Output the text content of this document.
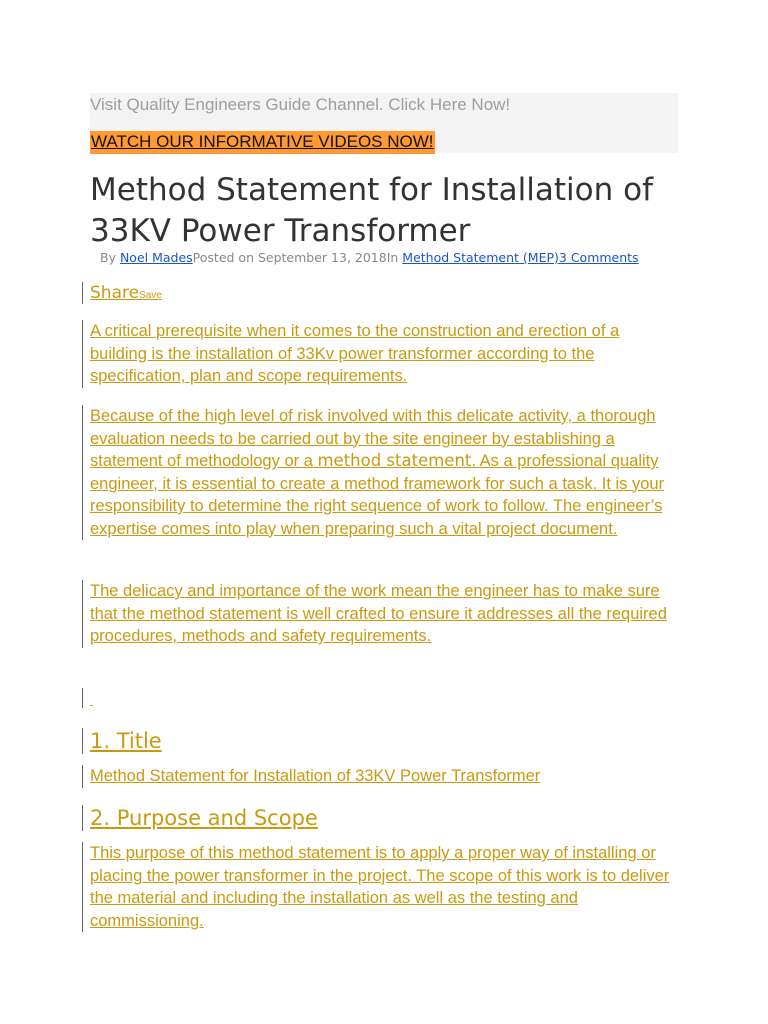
Visit Quality Engineers Guide Channel. Click Here Now!
WATCH OUR INFORMATIVE VIDEOS NOW!
Method Statement for Installation of 33KV Power Transformer
By Noel MadesPosted on September 13, 2018In Method Statement (MEP)3 Comments
ShareSave

A critical prerequisite when it comes to the construction and erection of a building is the installation of 33Kv power transformer according to the specification, plan and scope requirements.

Because of the high level of risk involved with this delicate activity, a thorough evaluation needs to be carried out by the site engineer by establishing a statement of methodology or a method statement. As a professional quality engineer, it is essential to create a method framework for such a task. It is your responsibility to determine the right sequence of work to follow. The engineer’s expertise comes into play when preparing such a vital project document.

The delicacy and importance of the work mean the engineer has to make sure that the method statement is well crafted to ensure it addresses all the required procedures, methods and safety requirements.

1. Title

Method Statement for Installation of 33KV Power Transformer

2. Purpose and Scope

This purpose of this method statement is to apply a proper way of installing or placing the power transformer in the project. The scope of this work is to deliver the material and including the installation as well as the testing and commissioning.
